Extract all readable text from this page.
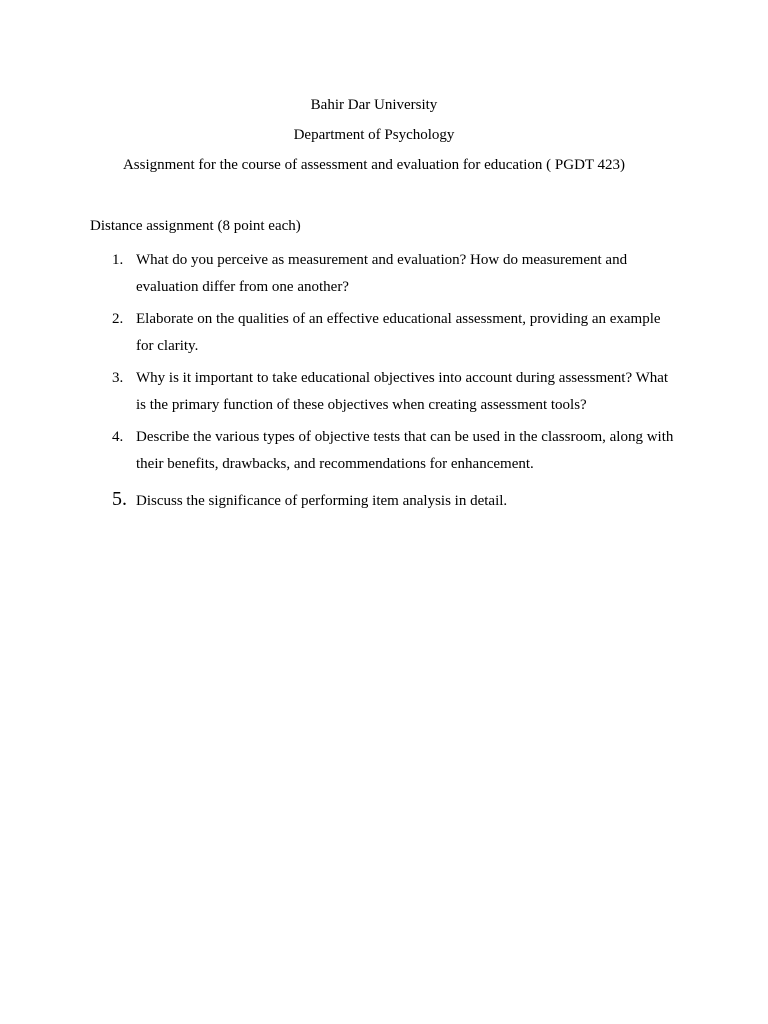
Bahir Dar University
Department of Psychology
Assignment for the course of assessment and evaluation for education ( PGDT 423)
Distance assignment (8 point each)
1. What do you perceive as measurement and evaluation? How do measurement and evaluation differ from one another?
2. Elaborate on the qualities of an effective educational assessment, providing an example for clarity.
3. Why is it important to take educational objectives into account during assessment? What is the primary function of these objectives when creating assessment tools?
4. Describe the various types of objective tests that can be used in the classroom, along with their benefits, drawbacks, and recommendations for enhancement.
5. Discuss the significance of performing item analysis in detail.
